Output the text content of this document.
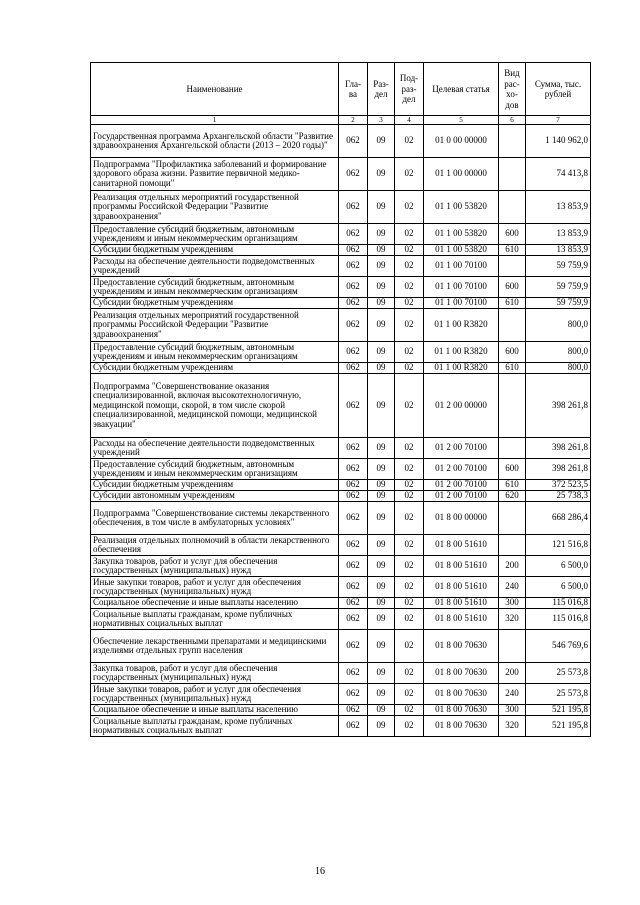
Наименование	Гла-ва	Раз-дел	Под-раз-дел	Целевая статья	Вид рас-хо-дов	Сумма, тыс. рублей
1	2	3	4	5	6	7
Государственная программа Архангельской области "Развитие здравоохранения Архангельской области (2013 – 2020 годы)"	062	09	02	01 0 00 00000		1 140 962,0
Подпрограмма "Профилактика заболеваний и формирование здорового образа жизни. Развитие первичной медико-санитарной помощи"	062	09	02	01 1 00 00000		74 413,8
Реализация отдельных мероприятий государственной программы Российской Федерации "Развитие здравоохранения"	062	09	02	01 1 00 53820		13 853,9
Предоставление субсидий бюджетным, автономным учреждениям и иным некоммерческим организациям	062	09	02	01 1 00 53820	600	13 853,9
Субсидии бюджетным учреждениям	062	09	02	01 1 00 53820	610	13 853,9
Расходы на обеспечение деятельности подведомственных учреждений	062	09	02	01 1 00 70100		59 759,9
Предоставление субсидий бюджетным, автономным учреждениям и иным некоммерческим организациям	062	09	02	01 1 00 70100	600	59 759,9
Субсидии бюджетным учреждениям	062	09	02	01 1 00 70100	610	59 759,9
Реализация отдельных мероприятий государственной программы Российской Федерации "Развитие здравоохранения"	062	09	02	01 1 00 R3820		800,0
Предоставление субсидий бюджетным, автономным учреждениям и иным некоммерческим организациям	062	09	02	01 1 00 R3820	600	800,0
Субсидии бюджетным учреждениям	062	09	02	01 1 00 R3820	610	800,0
Подпрограмма "Совершенствование оказания специализированной, включая высокотехнологичную, медицинской помощи, скорой, в том числе скорой специализированной, медицинской помощи, медицинской эвакуации"	062	09	02	01 2 00 00000		398 261,8
Расходы на обеспечение деятельности подведомственных учреждений	062	09	02	01 2 00 70100		398 261,8
Предоставление субсидий бюджетным, автономным учреждениям и иным некоммерческим организациям	062	09	02	01 2 00 70100	600	398 261,8
Субсидии бюджетным учреждениям	062	09	02	01 2 00 70100	610	372 523,5
Субсидии автономным учреждениям	062	09	02	01 2 00 70100	620	25 738,3
Подпрограмма "Совершенствование системы лекарственного обеспечения, в том числе в амбулаторных условиях"	062	09	02	01 8 00 00000		668 286,4
Реализация отдельных полномочий в области лекарственного обеспечения	062	09	02	01 8 00 51610		121 516,8
Закупка товаров, работ и услуг для обеспечения государственных (муниципальных) нужд	062	09	02	01 8 00 51610	200	6 500,0
Иные закупки товаров, работ и услуг для обеспечения государственных (муниципальных) нужд	062	09	02	01 8 00 51610	240	6 500,0
Социальное обеспечение и иные выплаты населению	062	09	02	01 8 00 51610	300	115 016,8
Социальные выплаты гражданам, кроме публичных нормативных социальных выплат	062	09	02	01 8 00 51610	320	115 016,8
Обеспечение лекарственными препаратами и медицинскими изделиями отдельных групп населения	062	09	02	01 8 00 70630		546 769,6
Закупка товаров, работ и услуг для обеспечения государственных (муниципальных) нужд	062	09	02	01 8 00 70630	200	25 573,8
Иные закупки товаров, работ и услуг для обеспечения государственных (муниципальных) нужд	062	09	02	01 8 00 70630	240	25 573,8
Социальное обеспечение и иные выплаты населению	062	09	02	01 8 00 70630	300	521 195,8
Социальные выплаты гражданам, кроме публичных нормативных социальных выплат	062	09	02	01 8 00 70630	320	521 195,8
16
